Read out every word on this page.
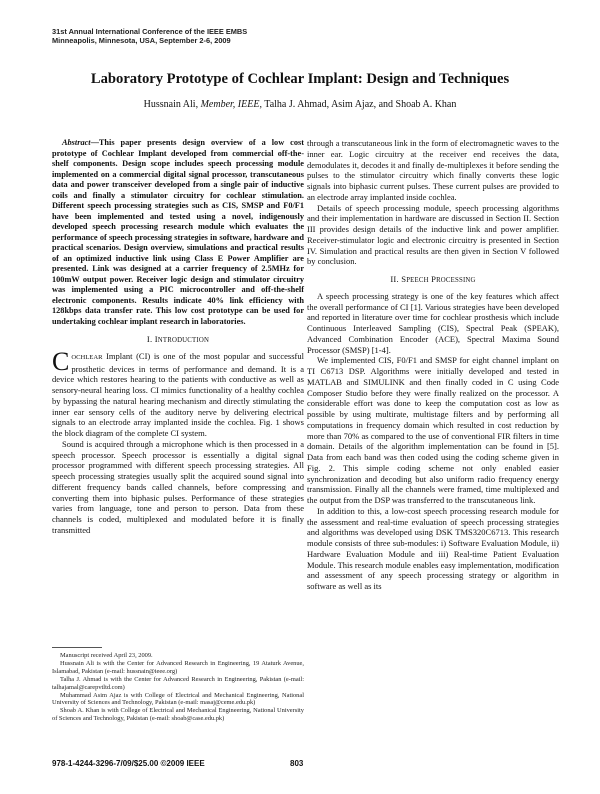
31st Annual International Conference of the IEEE EMBS
Minneapolis, Minnesota, USA, September 2-6, 2009
Laboratory Prototype of Cochlear Implant: Design and Techniques

Hussnain Ali, Member, IEEE, Talha J. Ahmad, Asim Ajaz, and Shoab A. Khan

Abstract—This paper presents design overview of a low cost prototype of Cochlear Implant developed from commercial off-the-shelf components. Design scope includes speech processing module implemented on a commercial digital signal processor, transcutaneous data and power transceiver developed from a single pair of inductive coils and finally a stimulator circuitry for cochlear stimulation. Different speech processing strategies such as CIS, SMSP and F0/F1 have been implemented and tested using a novel, indigenously developed speech processing research module which evaluates the performance of speech processing strategies in software, hardware and practical scenarios. Design overview, simulations and practical results of an optimized inductive link using Class E Power Amplifier are presented. Link was designed at a carrier frequency of 2.5MHz for 100mW output power. Receiver logic design and stimulator circuitry was implemented using a PIC microcontroller and off-the-shelf electronic components. Results indicate 40% link efficiency with 128kbps data transfer rate. This low cost prototype can be used for undertaking cochlear implant research in laboratories.

I. INTRODUCTION

COCHLEAR Implant (CI) is one of the most popular and successful prosthetic devices in terms of performance and demand. It is a device which restores hearing to the patients with conductive as well as sensory-neural hearing loss. CI mimics functionality of a healthy cochlea by bypassing the natural hearing mechanism and directly stimulating the inner ear sensory cells of the auditory nerve by delivering electrical signals to an electrode array implanted inside the cochlea. Fig. 1 shows the block diagram of the complete CI system.

Sound is acquired through a microphone which is then processed in a speech processor. Speech processor is essentially a digital signal processor programmed with different speech processing strategies. All speech processing strategies usually split the acquired sound signal into different frequency bands called channels, before compressing and converting them into biphasic pulses. Performance of these strategies varies from language, tone and person to person. Data from these channels is coded, multiplexed and modulated before it is finally transmitted

through a transcutaneous link in the form of electromagnetic waves to the inner ear. Logic circuitry at the receiver end receives the data, demodulates it, decodes it and finally de-multiplexes it before sending the pulses to the stimulator circuitry which finally converts these logic signals into biphasic current pulses. These current pulses are provided to an electrode array implanted inside cochlea.

Details of speech processing module, speech processing algorithms and their implementation in hardware are discussed in Section II. Section III provides design details of the inductive link and power amplifier. Receiver-stimulator logic and electronic circuitry is presented in Section IV. Simulation and practical results are then given in Section V followed by conclusion.

II. SPEECH PROCESSING

A speech processing strategy is one of the key features which affect the overall performance of CI [1]. Various strategies have been developed and reported in literature over time for cochlear prosthesis which include Continuous Interleaved Sampling (CIS), Spectral Peak (SPEAK), Advanced Combination Encoder (ACE), Spectral Maxima Sound Processor (SMSP) [1-4].

We implemented CIS, F0/F1 and SMSP for eight channel implant on TI C6713 DSP. Algorithms were initially developed and tested in MATLAB and SIMULINK and then finally coded in C using Code Composer Studio before they were finally realized on the processor. A considerable effort was done to keep the computation cost as low as possible by using multirate, multistage filters and by performing all computations in frequency domain which resulted in cost reduction by more than 70% as compared to the use of conventional FIR filters in time domain. Details of the algorithm implementation can be found in [5]. Data from each band was then coded using the coding scheme given in Fig. 2. This simple coding scheme not only enabled easier synchronization and decoding but also uniform radio frequency energy transmission. Finally all the channels were framed, time multiplexed and the output from the DSP was transferred to the transcutaneous link.

In addition to this, a low-cost speech processing research module for the assessment and real-time evaluation of speech processing strategies and algorithms was developed using DSK TMS320C6713. This research module consists of three sub-modules: i) Software Evaluation Module, ii) Hardware Evaluation Module and iii) Real-time Patient Evaluation Module. This research module enables easy implementation, modification and assessment of any speech processing strategy or algorithm in software as well as its

Manuscript received April 23, 2009.

Hussnain Ali is with the Center for Advanced Research in Engineering, 19 Ataturk Avenue, Islamabad, Pakistan (e-mail: hussnain@ieee.org)

Talha J. Ahmad is with the Center for Advanced Research in Engineering, Pakistan (e-mail: talhajamal@carepvtltd.com)

Muhammad Asim Ajaz is with College of Electrical and Mechanical Engineering, National University of Sciences and Technology, Pakistan (e-mail: masaj@ceme.edu.pk)

Shoab A. Khan is with College of Electrical and Mechanical Engineering, National University of Sciences and Technology, Pakistan (e-mail: shoab@case.edu.pk)

978-1-4244-3296-7/09/$25.00 ©2009 IEEE	803
